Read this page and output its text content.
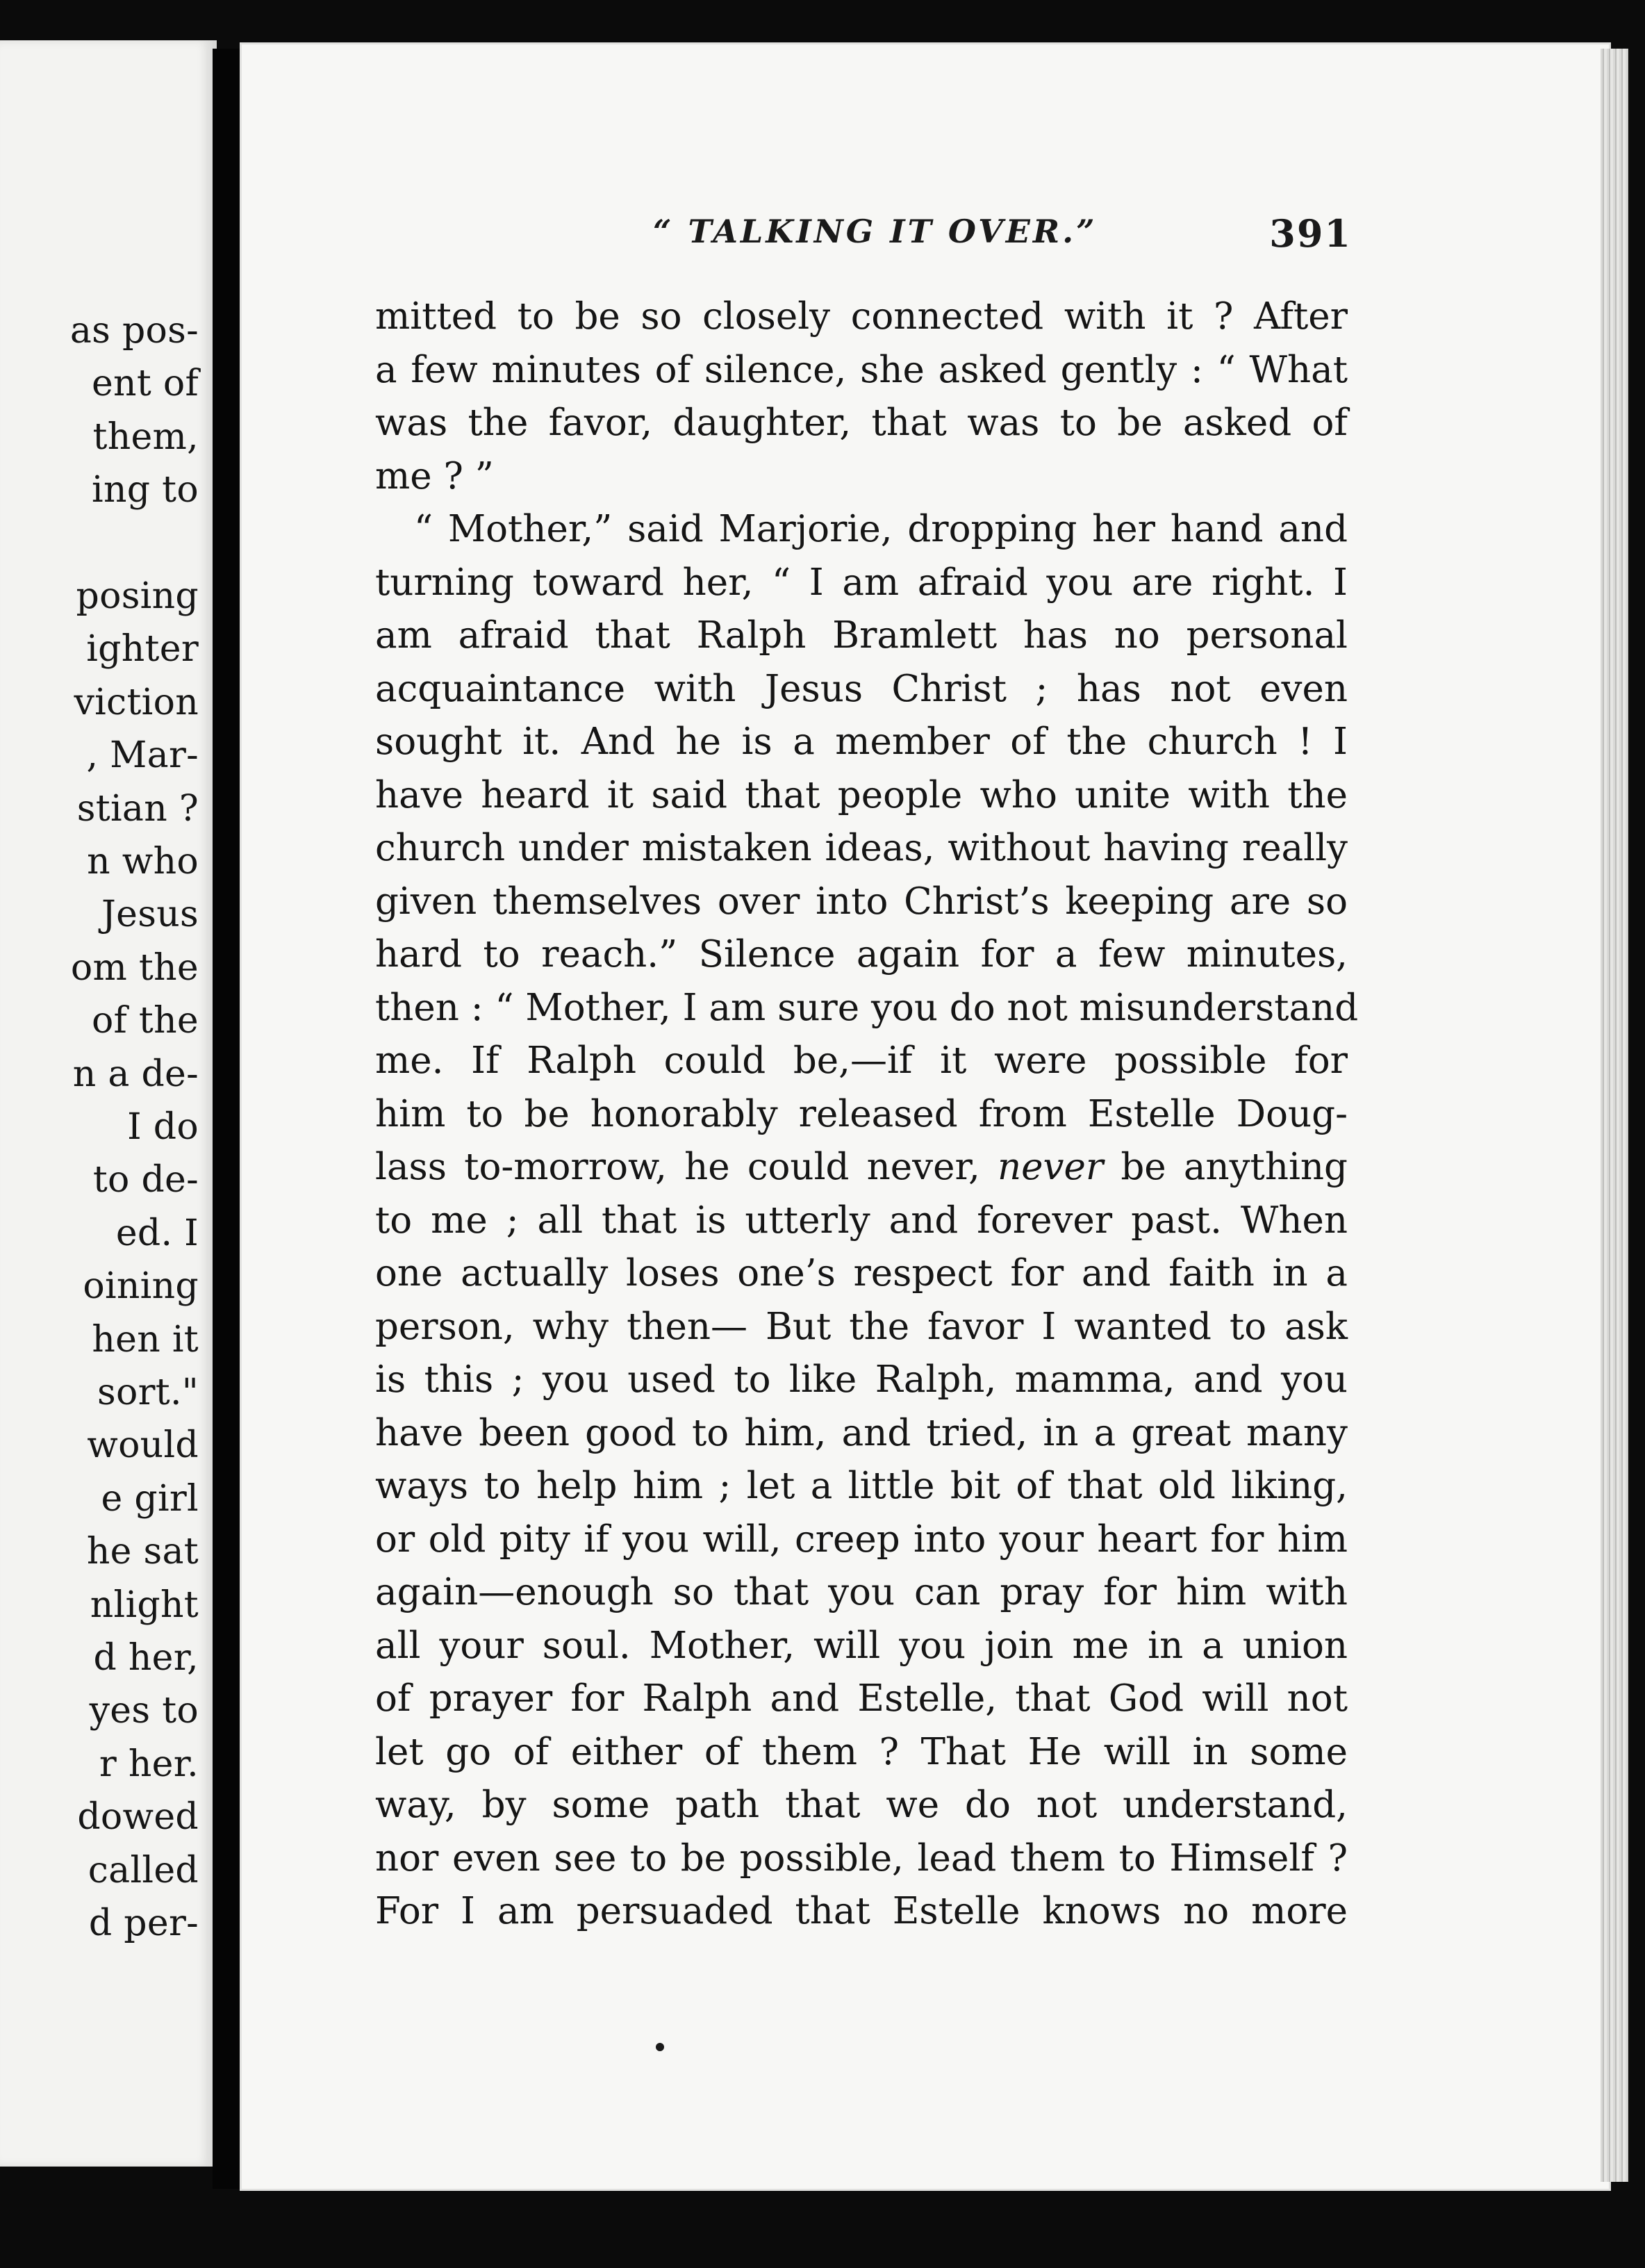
as pos-
ent of
them,
ing to
posing
ighter
viction
, Mar-
stian ?
n who
Jesus
om the
of the
n a de-
I do
to de-
ed. I
oining
hen it
sort."
would
e girl
he sat
nlight
d her,
yes to
r her.
dowed
called
d per-
“ TALKING IT OVER.”	391
mitted to be so closely connected with it ? After
a few minutes of silence, she asked gently : “ What
was the favor, daughter, that was to be asked of
me ? ”
“ Mother,” said Marjorie, dropping her hand and
turning toward her, “ I am afraid you are right. I
am afraid that Ralph Bramlett has no personal
acquaintance with Jesus Christ ; has not even
sought it. And he is a member of the church ! I
have heard it said that people who unite with the
church under mistaken ideas, without having really
given themselves over into Christ’s keeping are so
hard to reach.” Silence again for a few minutes,
then : “ Mother, I am sure you do not misunderstand
me. If Ralph could be,—if it were possible for
him to be honorably released from Estelle Doug-
lass to-morrow, he could never, never be anything
to me ; all that is utterly and forever past. When
one actually loses one’s respect for and faith in a
person, why then— But the favor I wanted to ask
is this ; you used to like Ralph, mamma, and you
have been good to him, and tried, in a great many
ways to help him ; let a little bit of that old liking,
or old pity if you will, creep into your heart for him
again—enough so that you can pray for him with
all your soul. Mother, will you join me in a union
of prayer for Ralph and Estelle, that God will not
let go of either of them ? That He will in some
way, by some path that we do not understand,
nor even see to be possible, lead them to Himself ?
For I am persuaded that Estelle knows no more
